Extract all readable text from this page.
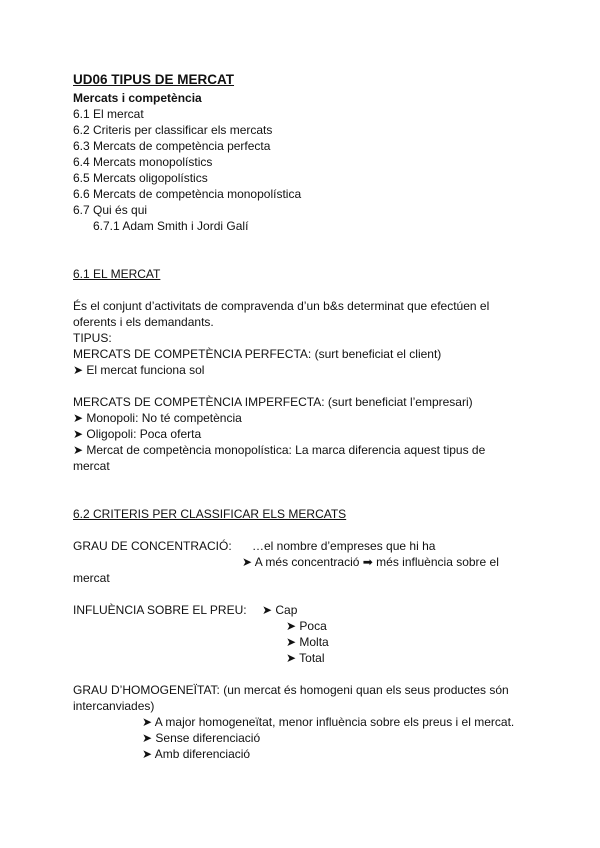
UD06 TIPUS DE MERCAT
Mercats i competència
6.1 El mercat
6.2 Criteris per classificar els mercats
6.3 Mercats de competència perfecta
6.4 Mercats monopolístics
6.5 Mercats oligopolístics
6.6 Mercats de competència monopolística
6.7 Qui és qui
6.7.1 Adam Smith i Jordi Galí
6.1 EL MERCAT
És el conjunt d’activitats de compravenda d’un b&s determinat que efectúen el
oferents i els demandants.
TIPUS:
MERCATS DE COMPETÈNCIA PERFECTA: (surt beneficiat el client)
➤ El mercat funciona sol
MERCATS DE COMPETÈNCIA IMPERFECTA: (surt beneficiat l’empresari)
➤ Monopoli: No té competència
➤ Oligopoli: Poca oferta
➤ Mercat de competència monopolística: La marca diferencia aquest tipus de
mercat
6.2 CRITERIS PER CLASSIFICAR ELS MERCATS
GRAU DE CONCENTRACIÓ: …el nombre d’empreses que hi ha
➤ A més concentració ➡ més influència sobre el
mercat
INFLUÈNCIA SOBRE EL PREU: ➤ Cap
➤ Poca
➤ Molta
➤ Total
GRAU D’HOMOGENEÏTAT: (un mercat és homogeni quan els seus productes són
intercanviades)
➤ A major homogeneïtat, menor influència sobre els preus i el mercat.
➤ Sense diferenciació
➤ Amb diferenciació
